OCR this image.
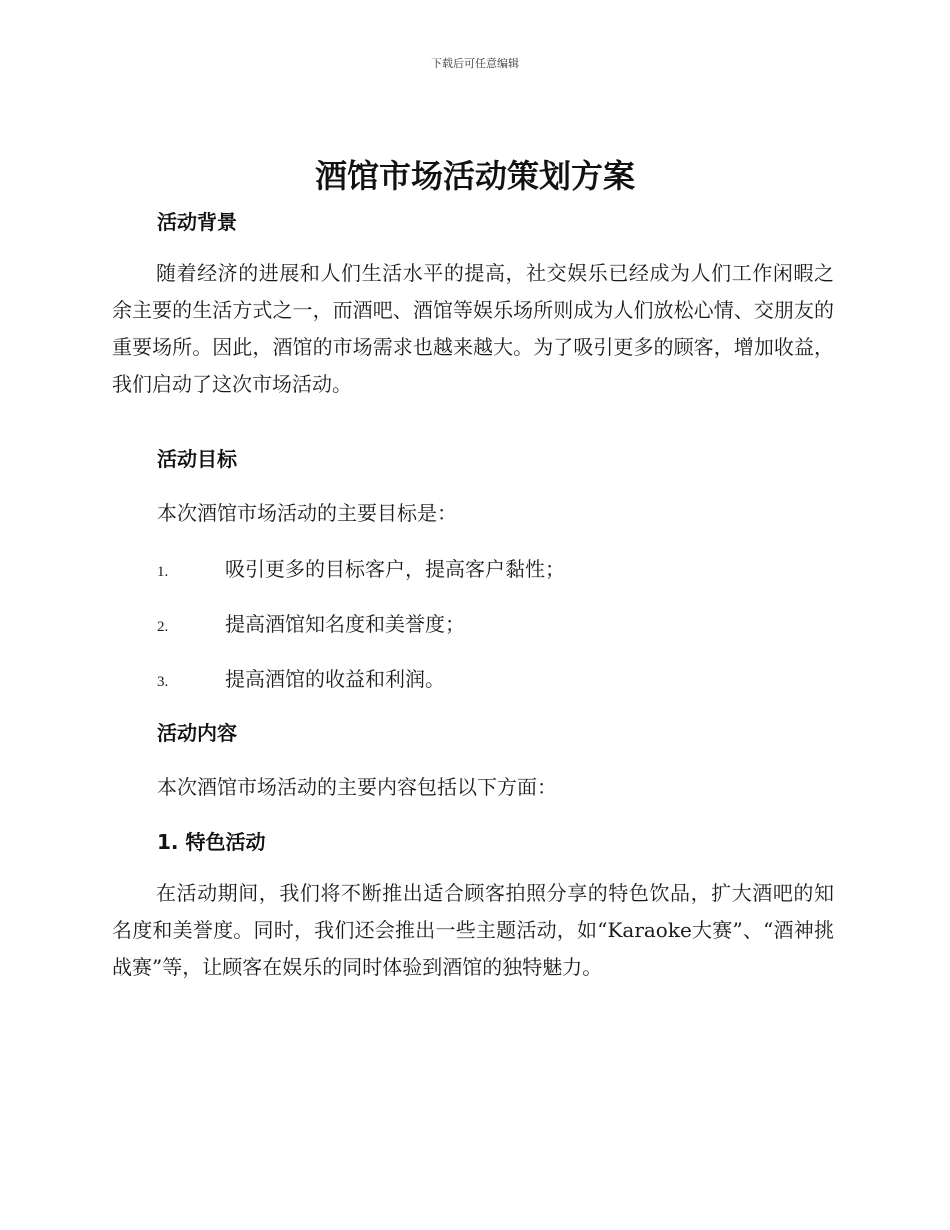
下载后可任意编辑
酒馆市场活动策划方案
活动背景

随着经济的进展和人们生活水平的提高，社交娱乐已经成为人们工作闲暇之余主要的生活方式之一，而酒吧、酒馆等娱乐场所则成为人们放松心情、交朋友的重要场所。因此，酒馆的市场需求也越来越大。为了吸引更多的顾客，增加收益，我们启动了这次市场活动。

活动目标

本次酒馆市场活动的主要目标是：

1.	吸引更多的目标客户，提高客户黏性；
2.	提高酒馆知名度和美誉度；
3.	提高酒馆的收益和利润。
活动内容

本次酒馆市场活动的主要内容包括以下方面：

1. 特色活动

在活动期间，我们将不断推出适合顾客拍照分享的特色饮品，扩大酒吧的知名度和美誉度。同时，我们还会推出一些主题活动，如“Karaoke大赛”、“酒神挑战赛”等，让顾客在娱乐的同时体验到酒馆的独特魅力。
